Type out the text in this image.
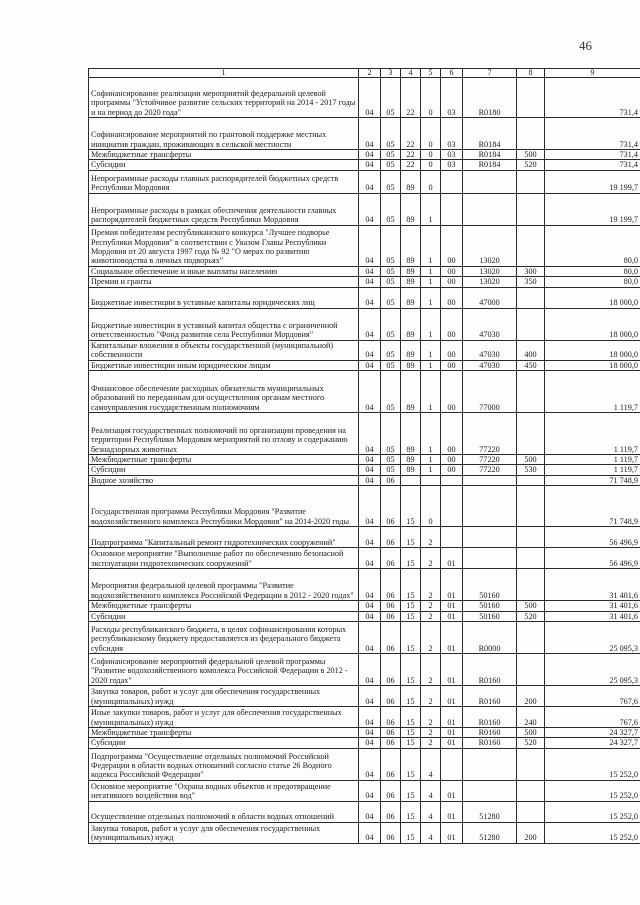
46
1	2	3	4	5	6	7	8	9
Софинансирование реализации мероприятий федеральной целевой программы "Устойчивое развитие сельских территорий на 2014 - 2017 годы и на период до 2020 года"	04	05	22	0	03	R0180		731,4
Софинансирование мероприятий по грантовой поддержке местных инициатив граждан, проживающих в сельской местности	04	05	22	0	03	R0184		731,4
Межбюджетные трансферты	04	05	22	0	03	R0184	500	731,4
Субсидии	04	05	22	0	03	R0184	520	731,4
Непрограммные расходы главных распорядителей бюджетных средств Республики Мордовия	04	05	89	0				19 199,7
Непрограммные расходы в рамках обеспечения деятельности главных распорядителей бюджетных средств Республики Мордовия	04	05	89	1				19 199,7
Премия победителям республиканского конкурса "Лучшее подворье Республики Мордовия" в соответствии с Указом Главы Республики Мордовия от 20 августа 1997 года № 92 "О мерах по развитию животноводства в личных подворьях"	04	05	89	1	00	13020		80,0
Социальное обеспечение и иные выплаты населению	04	05	89	1	00	13020	300	80,0
Премии и гранты	04	05	89	1	00	13020	350	80,0
Бюджетные инвестиции в уставные капиталы юридических лиц	04	05	89	1	00	47000		18 000,0
Бюджетные инвестиции в уставный капитал общества с ограниченной ответственностью "Фонд развития села Республики Мордовия"	04	05	89	1	00	47030		18 000,0
Капитальные вложения в объекты государственной (муниципальной) собственности	04	05	89	1	00	47030	400	18 000,0
Бюджетные инвестиции иным юридическим лицам	04	05	89	1	00	47030	450	18 000,0
Финансовое обеспечение расходных обязательств муниципальных образований по переданным для осуществления органам местного самоуправления государственным полномочиям	04	05	89	1	00	77000		1 119,7
Реализация государственных полномочий по организации проведения на территории Республики Мордовия мероприятий по отлову и содержанию безнадзорных животных	04	05	89	1	00	77220		1 119,7
Межбюджетные трансферты	04	05	89	1	00	77220	500	1 119,7
Субсидии	04	05	89	1	00	77220	530	1 119,7
Водное хозяйство	04	06						71 748,9
Государственная программа Республики Мордовия "Развитие водохозяйственного комплекса Республики Мордовия" на 2014-2020 годы	04	06	15	0				71 748,9
Подпрограмма "Капитальный ремонт гидротехнических сооружений"	04	06	15	2				56 496,9
Основное мероприятие "Выполнение работ по обеспечению безопасной эксплуатации гидротехнических сооружений"	04	06	15	2	01			56 496,9
Мероприятия федеральной целевой программы "Развитие водохозяйственного комплекса Российской Федерации в 2012 - 2020 годах"	04	06	15	2	01	50160		31 401,6
Межбюджетные трансферты	04	06	15	2	01	50160	500	31 401,6
Субсидии	04	06	15	2	01	50160	520	31 401,6
Расходы республиканского бюджета, в целях софинансирования которых республиканскому бюджету предоставляется из федерального бюджета субсидия	04	06	15	2	01	R0000		25 095,3
Софинансирование мероприятий федеральной целевой программы "Развитие водохозяйственного комплекса Российской Федерации в 2012 - 2020 годах"	04	06	15	2	01	R0160		25 095,3
Закупка товаров, работ и услуг для обеспечения государственных (муниципальных) нужд	04	06	15	2	01	R0160	200	767,6
Иные закупки товаров, работ и услуг для обеспечения государственных (муниципальных) нужд	04	06	15	2	01	R0160	240	767,6
Межбюджетные трансферты	04	06	15	2	01	R0160	500	24 327,7
Субсидии	04	06	15	2	01	R0160	520	24 327,7
Подпрограмма "Осуществление отдельных полномочий Российской Федерации в области водных отношений согласно статье 26 Водного кодекса Российской Федерации"	04	06	15	4				15 252,0
Основное мероприятие "Охрана водных объектов и предотвращение негативного воздействия вод"	04	06	15	4	01			15 252,0
Осуществление отдельных полномочий в области водных отношений	04	06	15	4	01	51280		15 252,0
Закупка товаров, работ и услуг для обеспечения государственных (муниципальных) нужд	04	06	15	4	01	51280	200	15 252,0
